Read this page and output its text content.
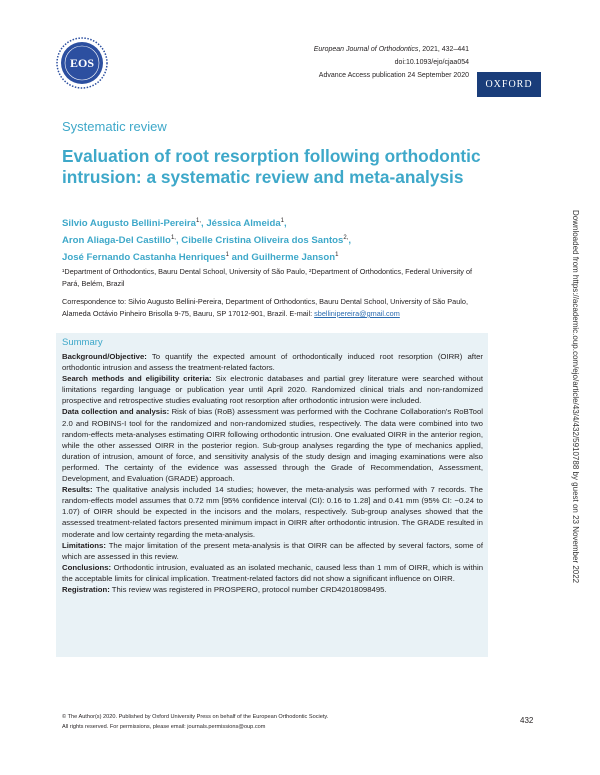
EOS
European Journal of Orthodontics, 2021, 432–441
doi:10.1093/ejo/cjaa054
Advance Access publication 24 September 2020
OXFORD
Systematic review
Evaluation of root resorption following orthodontic intrusion: a systematic review and meta-analysis
Silvio Augusto Bellini-Pereira$^{1,}$, Jéssica Almeida$^1$,
Aron Aliaga-Del Castillo$^{1,}$, Cibelle Cristina Oliveira dos Santos$^{2,}$,
José Fernando Castanha Henriques$^1$ and Guilherme Janson$^1$
¹Department of Orthodontics, Bauru Dental School, University of São Paulo, ²Department of Orthodontics, Federal University of Pará, Belém, Brazil
Correspondence to: Silvio Augusto Bellini-Pereira, Department of Orthodontics, Bauru Dental School, University of São Paulo, Alameda Octávio Pinheiro Brisolla 9-75, Bauru, SP 17012-901, Brazil. E-mail: sbellinipereira@gmail.com
Summary

Background/Objective: To quantify the expected amount of orthodontically induced root resorption (OIRR) after orthodontic intrusion and assess the treatment-related factors.

Search methods and eligibility criteria: Six electronic databases and partial grey literature were searched without limitations regarding language or publication year until April 2020. Randomized clinical trials and non-randomized prospective and retrospective studies evaluating root resorption after orthodontic intrusion were included.

Data collection and analysis: Risk of bias (RoB) assessment was performed with the Cochrane Collaboration's RoBTool 2.0 and ROBINS-I tool for the randomized and non-randomized studies, respectively. The data were combined into two random-effects meta-analyses estimating OIRR following orthodontic intrusion. One evaluated OIRR in the anterior region, while the other assessed OIRR in the posterior region. Sub-group analyses regarding the type of mechanics applied, duration of intrusion, amount of force, and sensitivity analysis of the study design and imaging examinations were also performed. The certainty of the evidence was assessed through the Grade of Recommendation, Assessment, Development, and Evaluation (GRADE) approach.

Results: The qualitative analysis included 14 studies; however, the meta-analysis was performed with 7 records. The random-effects model assumes that 0.72 mm [95% confidence interval (CI): 0.16 to 1.28] and 0.41 mm (95% CI: −0.24 to 1.07) of OIRR should be expected in the incisors and the molars, respectively. Sub-group analyses showed that the assessed treatment-related factors presented minimum impact in OIRR after orthodontic intrusion. The GRADE resulted in moderate and low certainty regarding the meta-analysis.

Limitations: The major limitation of the present meta-analysis is that OIRR can be affected by several factors, some of which are assessed in this review.

Conclusions: Orthodontic intrusion, evaluated as an isolated mechanic, caused less than 1 mm of OIRR, which is within the acceptable limits for clinical implication. Treatment-related factors did not show a significant influence on OIRR.

Registration: This review was registered in PROSPERO, protocol number CRD42018098495.

© The Author(s) 2020. Published by Oxford University Press on behalf of the European Orthodontic Society.
All rights reserved. For permissions, please email: journals.permissions@oup.com
432
Downloaded from https://academic.oup.com/ejo/article/43/4/432/5910788 by guest on 23 November 2022
